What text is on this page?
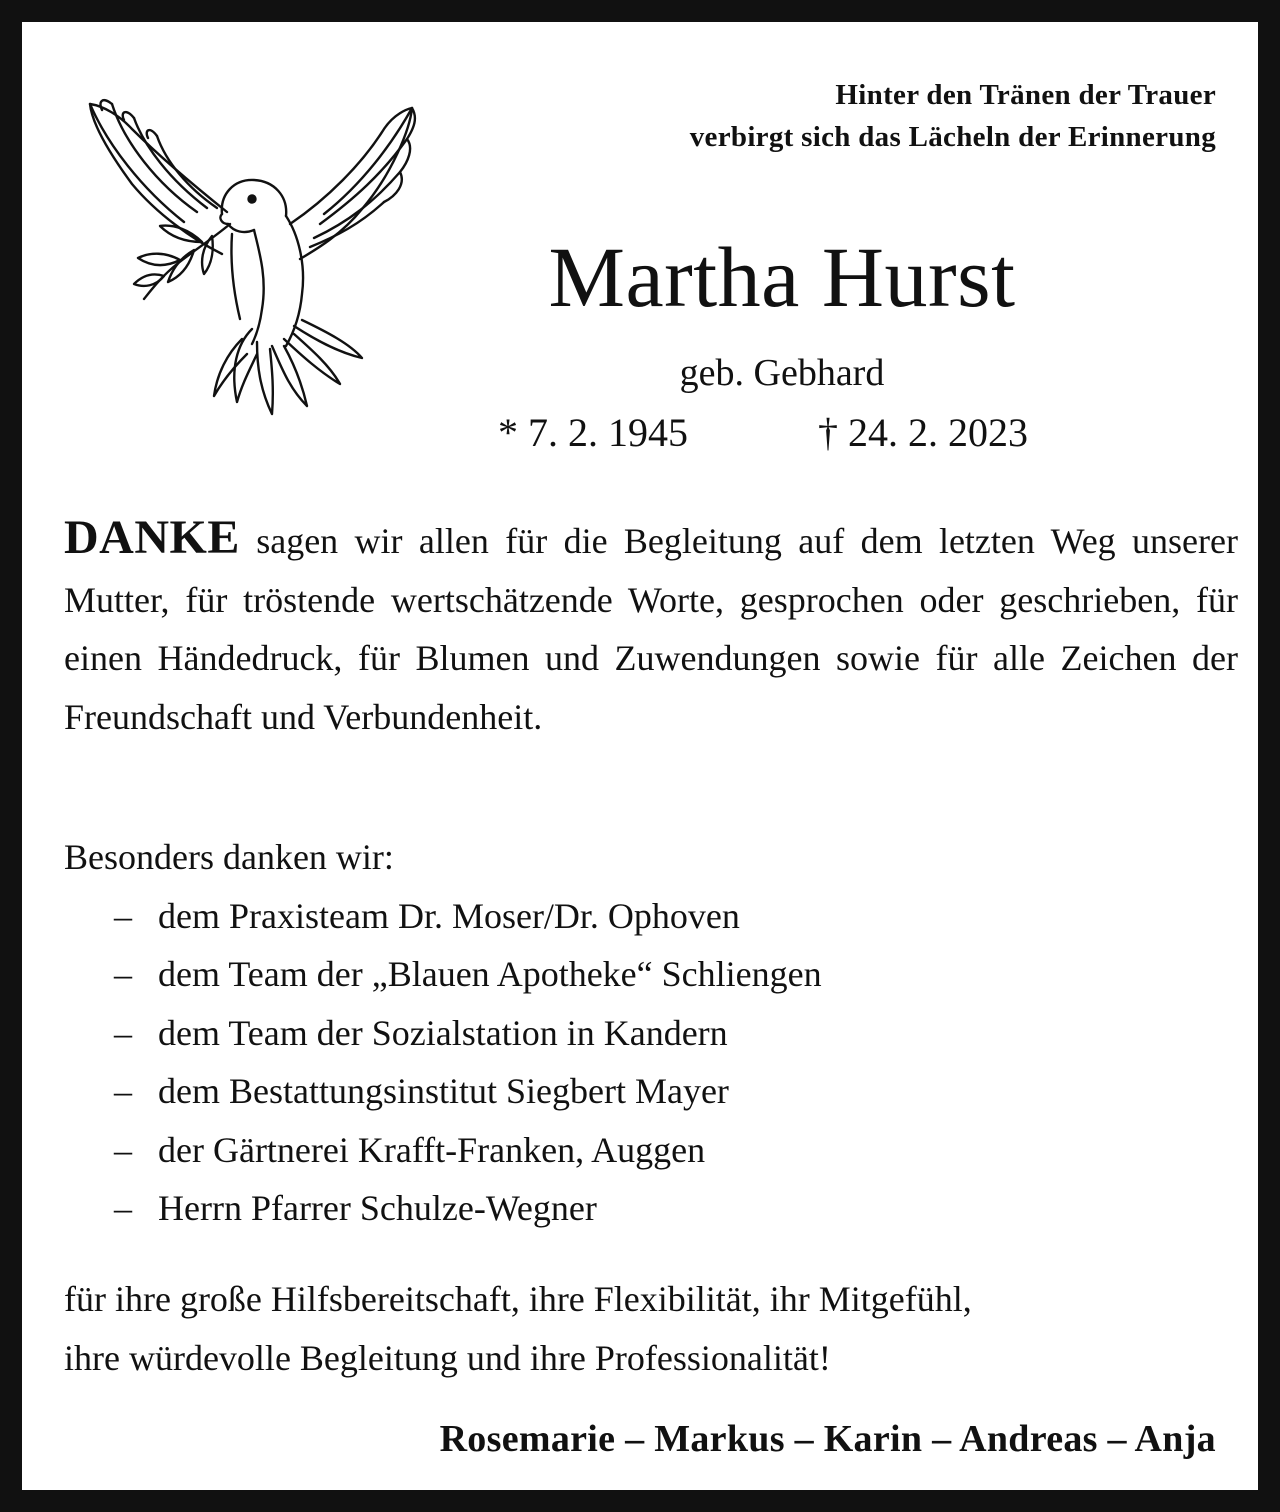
Hinter den Tränen der Trauer
verbirgt sich das Lächeln der Erinnerung
Martha Hurst
geb. Gebhard
* 7. 2. 1945	† 24. 2. 2023

DANKE sagen wir allen für die Begleitung auf dem letzten Weg unserer Mutter, für tröstende wertschätzende Worte, gesprochen oder geschrieben, für einen Händedruck, für Blumen und Zuwendungen sowie für alle Zeichen der Freundschaft und Verbundenheit.

Besonders danken wir:
– dem Praxisteam Dr. Moser/Dr. Ophoven
– dem Team der „Blauen Apotheke“ Schliengen
– dem Team der Sozialstation in Kandern
– dem Bestattungsinstitut Siegbert Mayer
– der Gärtnerei Krafft-Franken, Auggen
– Herrn Pfarrer Schulze-Wegner

für ihre große Hilfsbereitschaft, ihre Flexibilität, ihr Mitgefühl,

ihre würdevolle Begleitung und ihre Professionalität!

Rosemarie – Markus – Karin – Andreas – Anja
